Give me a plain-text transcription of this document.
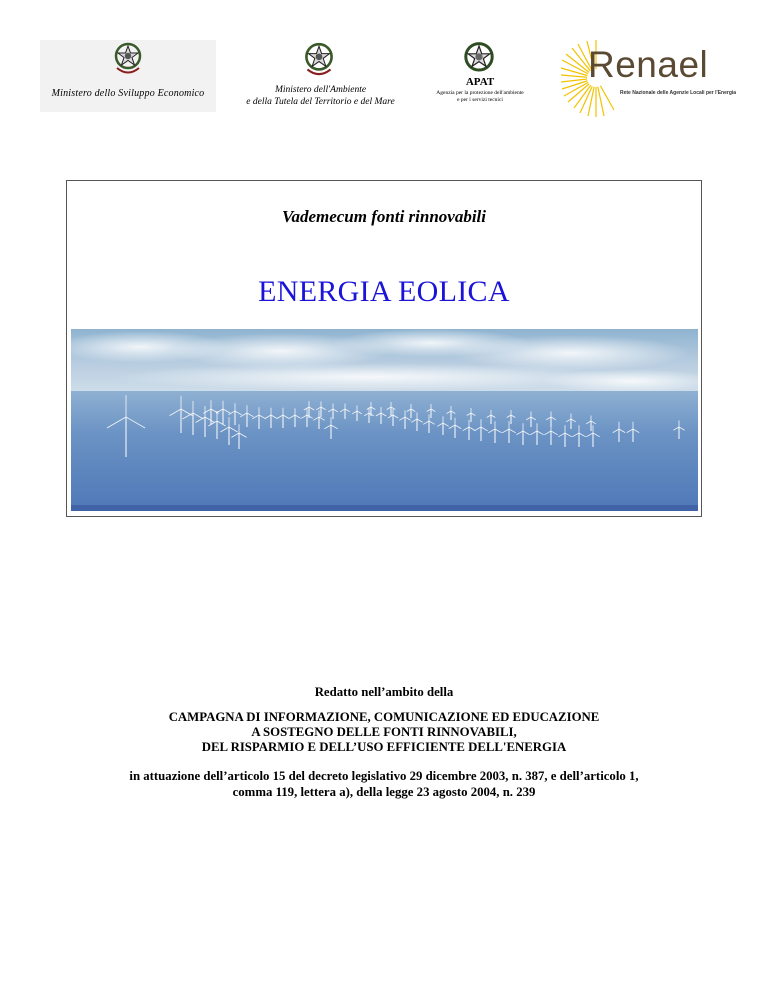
Ministero dello Sviluppo Economico	Ministero dell'Ambiente
e della Tutela del Territorio e del Mare
APAT
Agenzia per la protezione dell'ambiente
e per i servizi tecnici
Renael
Rete Nazionale delle Agenzie Locali per l'Energia
Vademecum fonti rinnovabili
ENERGIA EOLICA
Redatto nell’ambito della
CAMPAGNA DI INFORMAZIONE, COMUNICAZIONE ED EDUCAZIONE
A SOSTEGNO DELLE FONTI RINNOVABILI,
DEL RISPARMIO E DELL’USO EFFICIENTE DELL'ENERGIA
in attuazione dell’articolo 15 del decreto legislativo 29 dicembre 2003, n. 387, e dell’articolo 1,
comma 119, lettera a), della legge 23 agosto 2004, n. 239
